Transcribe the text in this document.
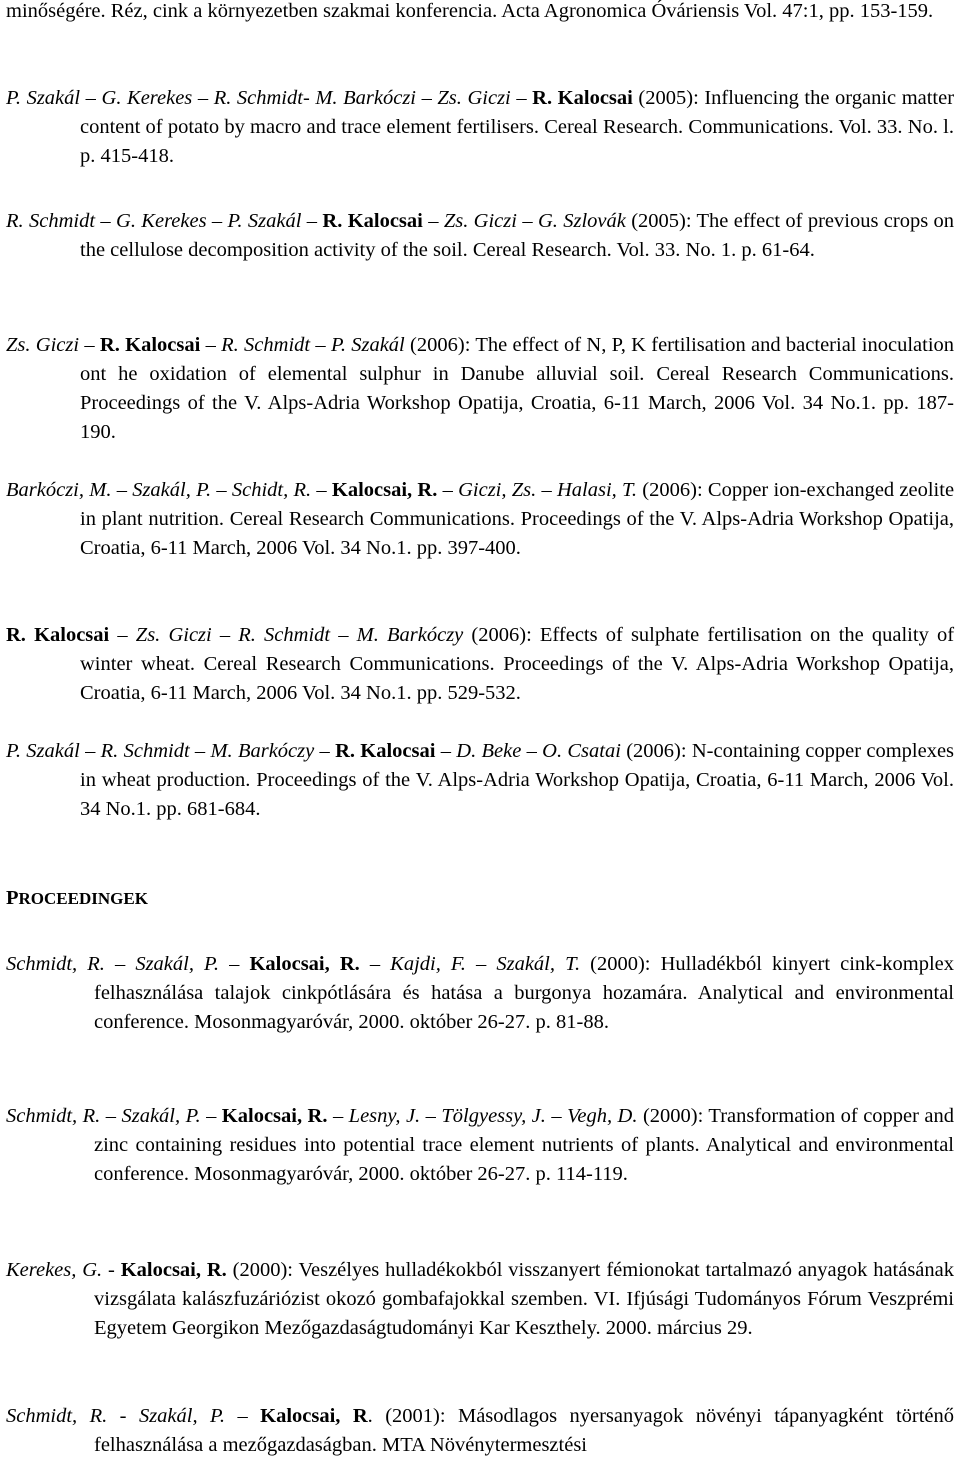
minőségére. Réz, cink a környezetben szakmai konferencia. Acta Agronomica Óváriensis Vol. 47:1, pp. 153-159.

P. Szakál – G. Kerekes – R. Schmidt- M. Barkóczi – Zs. Giczi – R. Kalocsai (2005): Influencing the organic matter content of potato by macro and trace element fertilisers. Cereal Research. Communications. Vol. 33. No. l. p. 415-418.

R. Schmidt – G. Kerekes – P. Szakál – R. Kalocsai – Zs. Giczi – G. Szlovák (2005): The effect of previous crops on the cellulose decomposition activity of the soil. Cereal Research. Vol. 33. No. 1. p. 61-64.

Zs. Giczi – R. Kalocsai – R. Schmidt – P. Szakál (2006): The effect of N, P, K fertilisation and bacterial inoculation ont he oxidation of elemental sulphur in Danube alluvial soil. Cereal Research Communications. Proceedings of the V. Alps-Adria Workshop Opatija, Croatia, 6-11 March, 2006 Vol. 34 No.1. pp. 187-190.

Barkóczi, M. – Szakál, P. – Schidt, R. – Kalocsai, R. – Giczi, Zs. – Halasi, T. (2006): Copper ion-exchanged zeolite in plant nutrition. Cereal Research Communications. Proceedings of the V. Alps-Adria Workshop Opatija, Croatia, 6-11 March, 2006 Vol. 34 No.1. pp. 397-400.

R. Kalocsai – Zs. Giczi – R. Schmidt – M. Barkóczy (2006): Effects of sulphate fertilisation on the quality of winter wheat. Cereal Research Communications. Proceedings of the V. Alps-Adria Workshop Opatija, Croatia, 6-11 March, 2006 Vol. 34 No.1. pp. 529-532.

P. Szakál – R. Schmidt – M. Barkóczy – R. Kalocsai – D. Beke – O. Csatai (2006): N-containing copper complexes in wheat production. Proceedings of the V. Alps-Adria Workshop Opatija, Croatia, 6-11 March, 2006 Vol. 34 No.1. pp. 681-684.

PROCEEDINGEK

Schmidt, R. – Szakál, P. – Kalocsai, R. – Kajdi, F. – Szakál, T. (2000): Hulladékból kinyert cink-komplex felhasználása talajok cinkpótlására és hatása a burgonya hozamára. Analytical and environmental conference. Mosonmagyaróvár, 2000. október 26-27. p. 81-88.

Schmidt, R. – Szakál, P. – Kalocsai, R. – Lesny, J. – Tölgyessy, J. – Vegh, D. (2000): Transformation of copper and zinc containing residues into potential trace element nutrients of plants. Analytical and environmental conference. Mosonmagyaróvár, 2000. október 26-27. p. 114-119.

Kerekes, G. - Kalocsai, R. (2000): Veszélyes hulladékokból visszanyert fémionokat tartalmazó anyagok hatásának vizsgálata kalászfuzáriózist okozó gombafajokkal szemben. VI. Ifjúsági Tudományos Fórum Veszprémi Egyetem Georgikon Mezőgazdaságtudományi Kar Keszthely. 2000. március 29.

Schmidt, R. - Szakál, P. – Kalocsai, R. (2001): Másodlagos nyersanyagok növényi tápanyagként történő felhasználása a mezőgazdaságban. MTA Növénytermesztési
